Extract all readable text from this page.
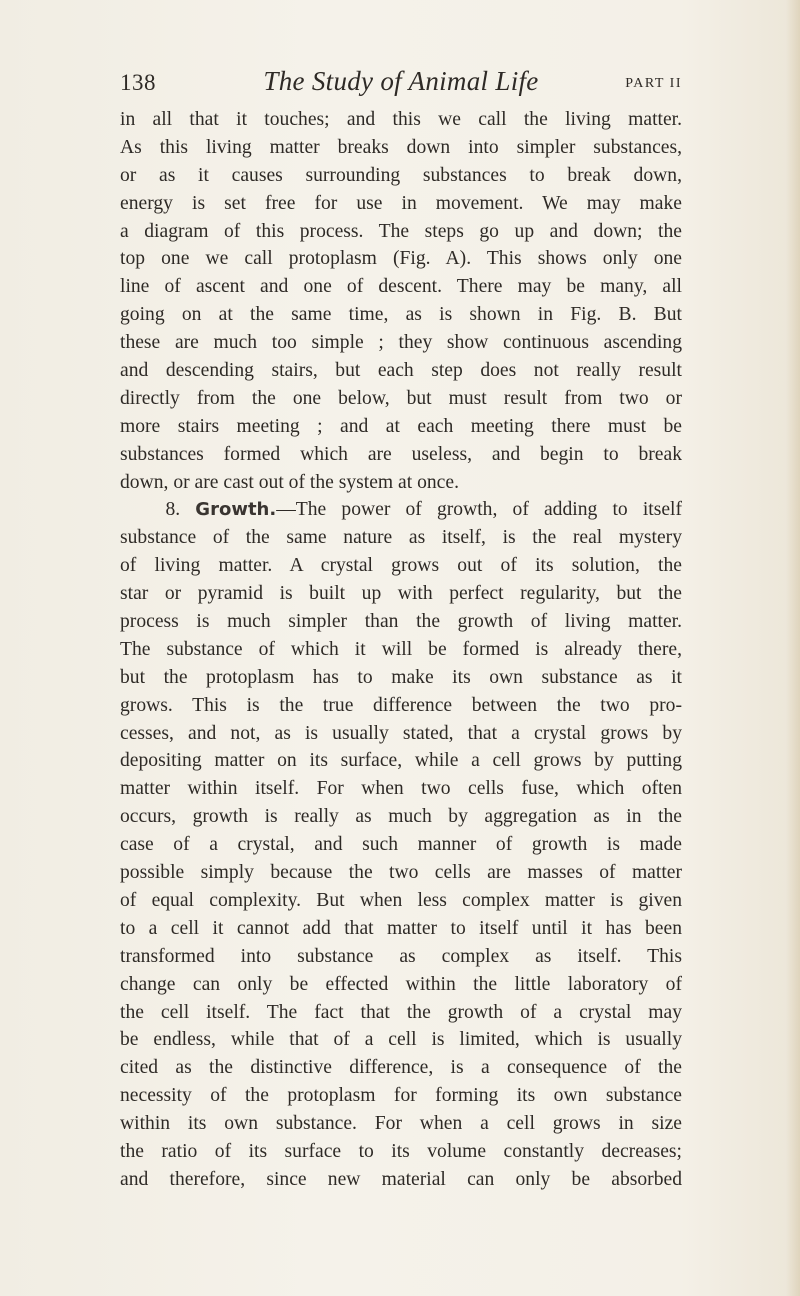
138	The Study of Animal Life	PART II
in all that it touches; and this we call the living matter.
As this living matter breaks down into simpler substances,
or as it causes surrounding substances to break down,
energy is set free for use in movement. We may make
a diagram of this process. The steps go up and down; the
top one we call protoplasm (Fig. A). This shows only one
line of ascent and one of descent. There may be many, all
going on at the same time, as is shown in Fig. B. But
these are much too simple ; they show continuous ascending
and descending stairs, but each step does not really result
directly from the one below, but must result from two or
more stairs meeting ; and at each meeting there must be
substances formed which are useless, and begin to break
down, or are cast out of the system at once.
8. Growth.—The power of growth, of adding to itself
substance of the same nature as itself, is the real mystery
of living matter. A crystal grows out of its solution, the
star or pyramid is built up with perfect regularity, but the
process is much simpler than the growth of living matter.
The substance of which it will be formed is already there,
but the protoplasm has to make its own substance as it
grows. This is the true difference between the two pro-
cesses, and not, as is usually stated, that a crystal grows by
depositing matter on its surface, while a cell grows by putting
matter within itself. For when two cells fuse, which often
occurs, growth is really as much by aggregation as in the
case of a crystal, and such manner of growth is made
possible simply because the two cells are masses of matter
of equal complexity. But when less complex matter is given
to a cell it cannot add that matter to itself until it has been
transformed into substance as complex as itself. This
change can only be effected within the little laboratory of
the cell itself. The fact that the growth of a crystal may
be endless, while that of a cell is limited, which is usually
cited as the distinctive difference, is a consequence of the
necessity of the protoplasm for forming its own substance
within its own substance. For when a cell grows in size
the ratio of its surface to its volume constantly decreases;
and therefore, since new material can only be absorbed
